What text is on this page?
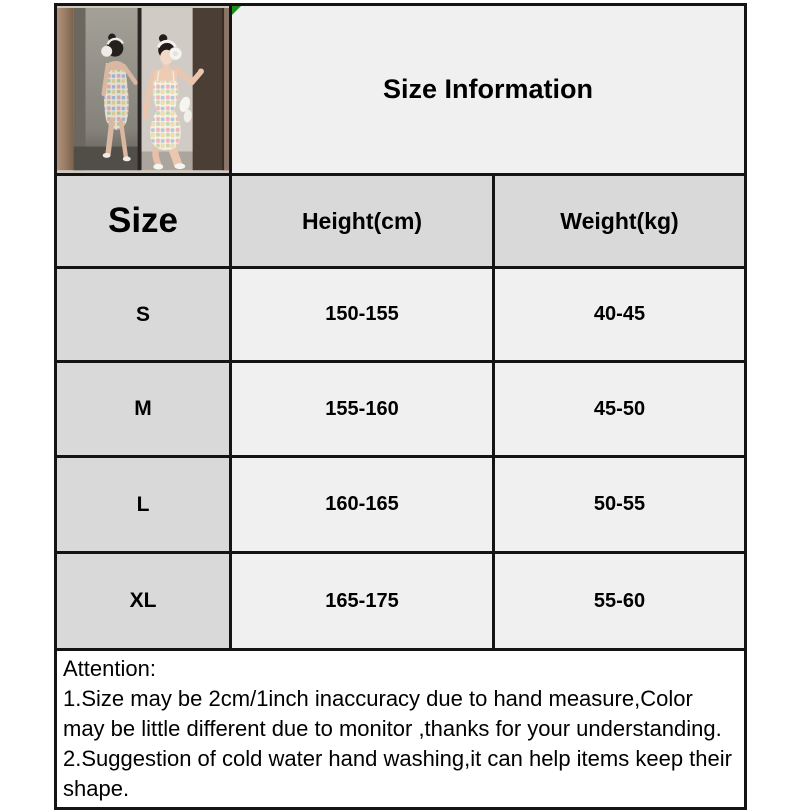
Size Information	
Size	Height(cm)	Weight(kg)
S	150-155	40-45
M	155-160	45-50
L	160-165	50-55
XL	165-175	55-60

Attention:
1.Size may be 2cm/1inch inaccuracy due to hand measure,Color may be little different due to monitor ,thanks for your understanding.
2.Suggestion of cold water hand washing,it can help items keep their shape.		
